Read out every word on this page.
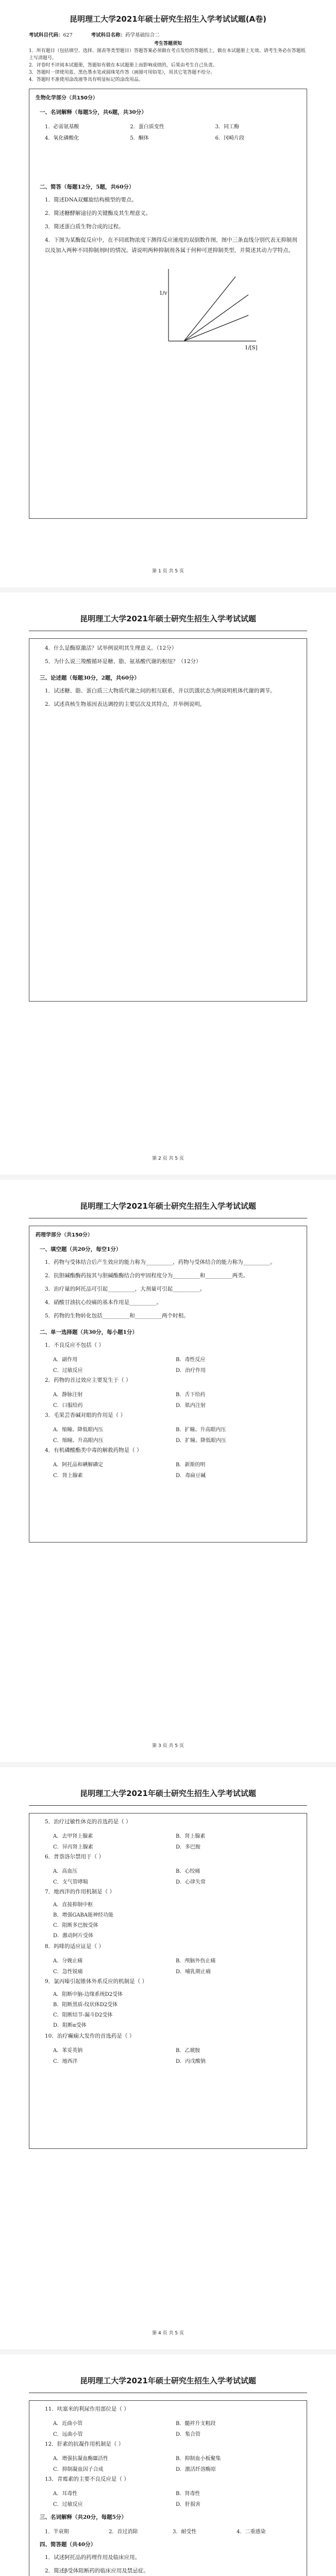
昆明理工大学2021年硕士研究生招生入学考试试题(A卷)
考试科目代码：627	考试科目名称：药学基础综合二

考生答题须知

1．所有题目（包括填空、选择、图表等类型题目）答题答案必须做在考点发给的答题纸上，做在本试题册上无效。请考生务必在答题纸上写清题号。

2．评卷时不评阅本试题册，答题如有做在本试题册上而影响成绩的，后果由考生自己负责。

3．答题时一律使用蓝、黑色墨水笔或圆珠笔作答（画图可用铅笔），用其它笔答题不给分。

4．答题时不准使用涂改液等具有明显标记的涂改用品。

生物化学部分（共150分）
一、名词解释（每题5分，共6题，共30分）
1．必需氨基酸	2．蛋白质变性	3．同工酶
4．氧化磷酸化	5．酮体	6．冈崎片段
二、简答（每题12分，5题，共60分）
1．简述DNA双螺旋结构模型的要点。
2．简述糖酵解途径的关键酶及其生理意义。
3．简述蛋白质生物合成的过程。
4．下图为某酶促反应中，在不同底物浓度下测得反应速度的双倒数作图，图中三条直线分别代表无抑制剂以及加入两种不同抑制剂时的情况。请说明两种抑制剂各属于何种可逆抑制类型，并简述其动力学特点。
1/v
1/[S]
第 1 页 共 5 页
昆明理工大学2021年硕士研究生招生入学考试试题
4．什么是酶原激活？试举例说明其生理意义。（12分）
5．为什么说三羧酸循环是糖、脂、氨基酸代谢的枢纽？（12分）
三、论述题（每题30分，2题，共60分）
1．试述糖、脂、蛋白质三大物质代谢之间的相互联系，并以饥饿状态为例说明机体代谢的调节。
2．试述真核生物基因表达调控的主要层次及其特点，并举例说明。
第 2 页 共 5 页
昆明理工大学2021年硕士研究生招生入学考试试题
药理学部分（共150分）
一、填空题（共20分，每空1分）
1．药物与受体结合后产生效应的能力称为__________，药物与受体结合的能力称为__________。
2．抗胆碱酯酶药按其与胆碱酯酶结合的牢固程度分为__________和__________两类。
3．治疗量的阿托品可引起__________，大剂量可引起__________。
4．硝酸甘油抗心绞痛的基本作用是__________。
5．药物的生物转化包括__________和__________两个时相。
二、单一选择题（共30分，每小题1分）
1．不良反应不包括（ ）
A．副作用	B．毒性反应
C．过敏反应	D．治疗作用
2．药物的首过效应主要发生于（ ）
A．静脉注射	B．舌下给药
C．口服给药	D．肌内注射
3．毛果芸香碱对眼的作用是（ ）
A．缩瞳、降低眼内压	B．扩瞳、升高眼内压
C．缩瞳、升高眼内压	D．扩瞳、降低眼内压
4．有机磷酸酯类中毒的解救药物是（ ）
A．阿托品和碘解磷定	B．新斯的明
C．肾上腺素	D．毒扁豆碱
第 3 页 共 5 页
昆明理工大学2021年硕士研究生招生入学考试试题
5．治疗过敏性休克的首选药是（ ）
A．去甲肾上腺素	B．肾上腺素
C．异丙肾上腺素	D．多巴胺
6．普萘洛尔禁用于（ ）
A．高血压	B．心绞痛
C．支气管哮喘	D．心律失常
7．地西泮的作用机制是（ ）
A．直接抑制中枢
B．增强GABA能神经功能
C．阻断多巴胺受体
D．激动阿片受体
8．吗啡的适应证是（ ）
A．分娩止痛	B．颅脑外伤止痛
C．急性锐痛	D．哺乳期止痛
9．氯丙嗪引起锥体外系反应的机制是（ ）
A．阻断中脑-边缘系统D2受体
B．阻断黑质-纹状体D2受体
C．阻断结节-漏斗D2受体
D．阻断α受体
10．治疗癫痫大发作的首选药是（ ）
A．苯妥英钠	B．乙琥胺
C．地西泮	D．丙戊酸钠
第 4 页 共 5 页
昆明理工大学2021年硕士研究生招生入学考试试题
11．呋塞米的利尿作用部位是（ ）
A．近曲小管	B．髓袢升支粗段
C．远曲小管	D．集合管
12．肝素的抗凝作用机制是（ ）
A．增强抗凝血酶Ⅲ活性	B．抑制血小板聚集
C．抑制凝血因子合成	D．激活纤溶酶原
13．青霉素的主要不良反应是（ ）
A．耳毒性	B．肾毒性
C．过敏反应	D．肝损害
三、名词解释（共20分，每题5分）
1．半衰期	2．首过消除	3．耐受性	4．二重感染
四、简答题（共40分）
1．试述阿托品的药理作用及临床应用。
2．简述β受体阻断药的临床应用及禁忌症。
